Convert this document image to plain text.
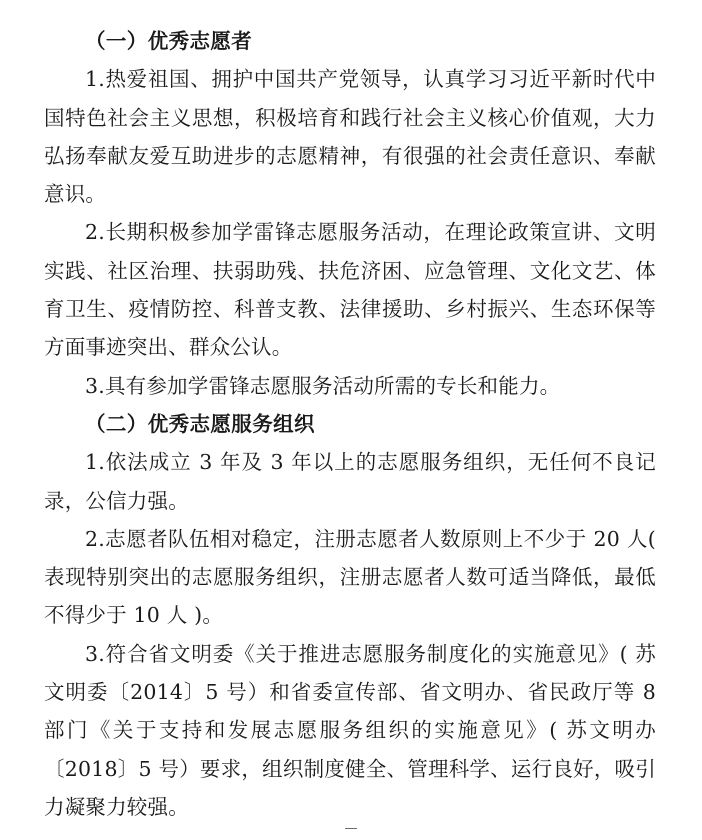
（一）优秀志愿者

1.热爱祖国、拥护中国共产党领导，认真学习习近平新时代中国特色社会主义思想，积极培育和践行社会主义核心价值观，大力弘扬奉献友爱互助进步的志愿精神，有很强的社会责任意识、奉献意识。

2.长期积极参加学雷锋志愿服务活动，在理论政策宣讲、文明实践、社区治理、扶弱助残、扶危济困、应急管理、文化文艺、体育卫生、疫情防控、科普支教、法律援助、乡村振兴、生态环保等方面事迹突出、群众公认。

3.具有参加学雷锋志愿服务活动所需的专长和能力。

（二）优秀志愿服务组织

1.依法成立 3 年及 3 年以上的志愿服务组织，无任何不良记录，公信力强。

2.志愿者队伍相对稳定，注册志愿者人数原则上不少于 20 人( 表现特别突出的志愿服务组织，注册志愿者人数可适当降低，最低不得少于 10 人 )。

3.符合省文明委《关于推进志愿服务制度化的实施意见》( 苏文明委〔2014〕5 号）和省委宣传部、省文明办、省民政厅等 8 部门《关于支持和发展志愿服务组织的实施意见》( 苏文明办〔2018〕5 号）要求，组织制度健全、管理科学、运行良好，吸引力凝聚力较强。

—
